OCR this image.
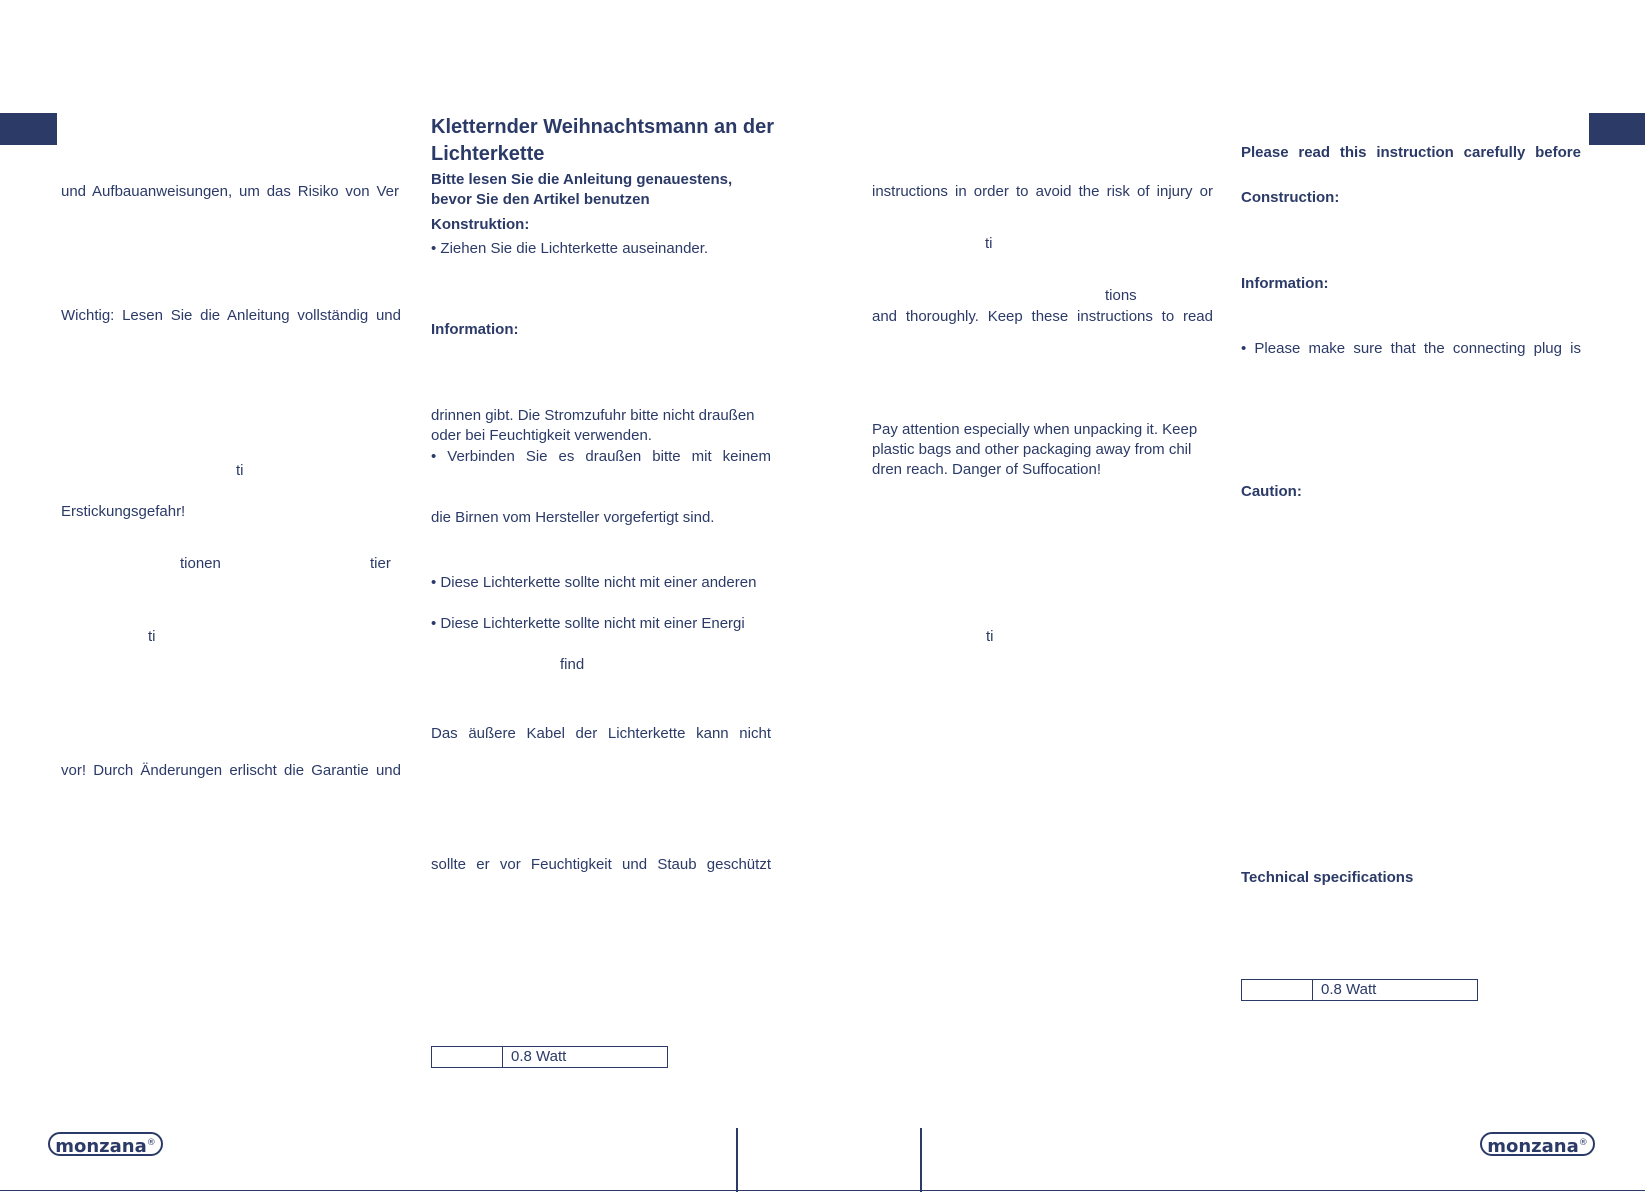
und Aufbauanweisungen, um das Risiko von Ver
Wichtig: Lesen Sie die Anleitung vollständig und
ti
Erstickungsgefahr!
tionen	tier
ti
vor! Durch Änderungen erlischt die Garantie und
Kletternder Weihnachtsmann an der Lichterkette
Bitte lesen Sie die Anleitung genauestens, bevor Sie den Artikel benutzen
Konstruktion:
• Ziehen Sie die Lichterkette auseinander.
Information:
drinnen gibt. Die Stromzufuhr bitte nicht draußen oder bei Feuchtigkeit verwenden.
• Verbinden Sie es draußen bitte mit keinem
die Birnen vom Hersteller vorgefertigt sind.
• Diese Lichterkette sollte nicht mit einer anderen
• Diese Lichterkette sollte nicht mit einer Energi
find
Das äußere Kabel der Lichterkette kann nicht
sollte er vor Feuchtigkeit und Staub geschützt
0.8 Watt
instructions in order to avoid the risk of injury or
ti
tions
and thoroughly. Keep these instructions to read
Pay attention especially when unpacking it. Keep plastic bags and other packaging away from chil dren reach. Danger of Suffocation!
ti
Please read this instruction carefully before
Construction:
Information:
• Please make sure that the connecting plug is
Caution:
Technical specifications
0.8 Watt
monzana®	monzana®
